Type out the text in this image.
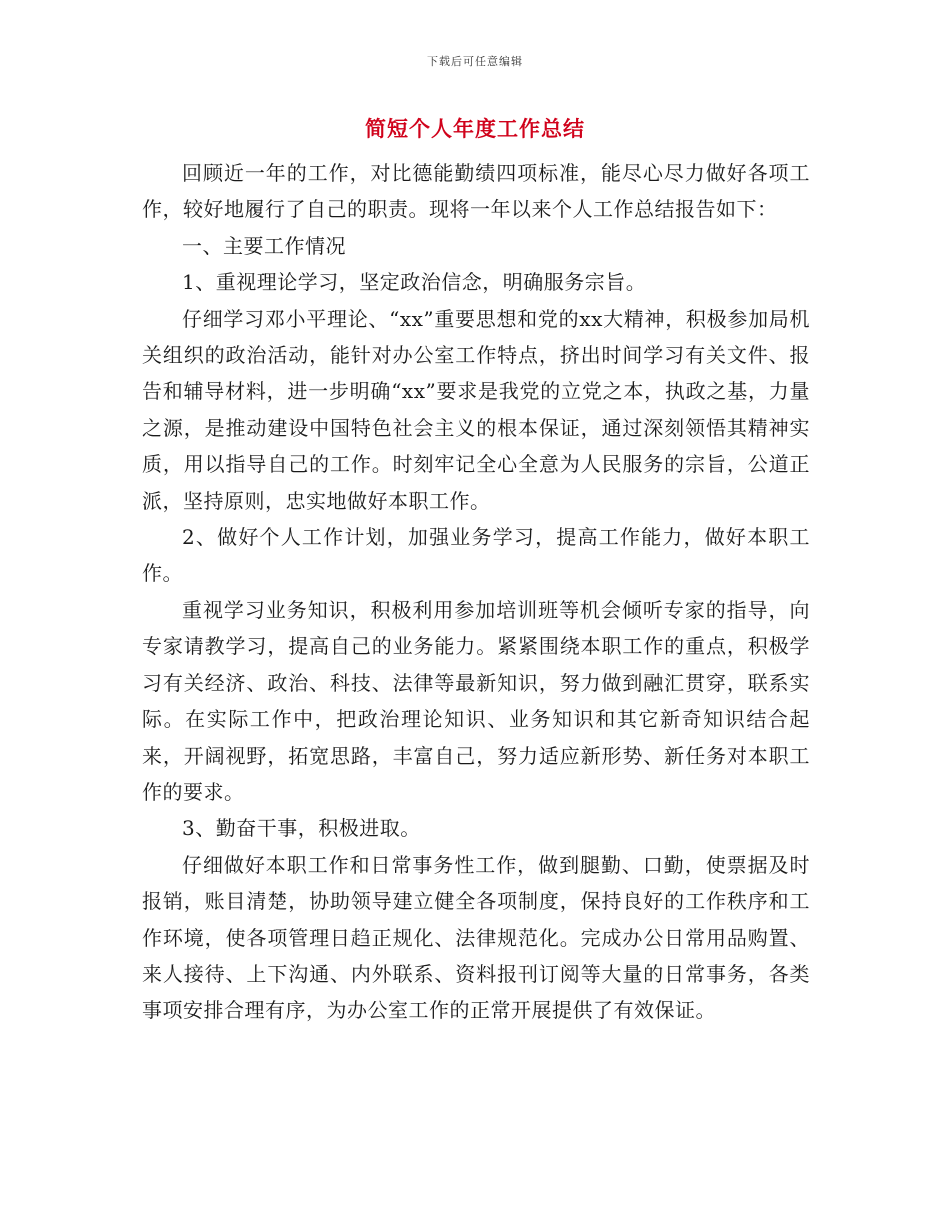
下载后可任意编辑
简短个人年度工作总结

回顾近一年的工作，对比德能勤绩四项标准，能尽心尽力做好各项工作，较好地履行了自己的职责。现将一年以来个人工作总结报告如下：

一、主要工作情况

1、重视理论学习，坚定政治信念，明确服务宗旨。

仔细学习邓小平理论、“xx”重要思想和党的xx大精神，积极参加局机关组织的政治活动，能针对办公室工作特点，挤出时间学习有关文件、报告和辅导材料，进一步明确“xx”要求是我党的立党之本，执政之基，力量之源，是推动建设中国特色社会主义的根本保证，通过深刻领悟其精神实质，用以指导自己的工作。时刻牢记全心全意为人民服务的宗旨，公道正派，坚持原则，忠实地做好本职工作。

2、做好个人工作计划，加强业务学习，提高工作能力，做好本职工作。

重视学习业务知识，积极利用参加培训班等机会倾听专家的指导，向专家请教学习，提高自己的业务能力。紧紧围绕本职工作的重点，积极学习有关经济、政治、科技、法律等最新知识，努力做到融汇贯穿，联系实际。在实际工作中，把政治理论知识、业务知识和其它新奇知识结合起来，开阔视野，拓宽思路，丰富自己，努力适应新形势、新任务对本职工作的要求。

3、勤奋干事，积极进取。

仔细做好本职工作和日常事务性工作，做到腿勤、口勤，使票据及时报销，账目清楚，协助领导建立健全各项制度，保持良好的工作秩序和工作环境，使各项管理日趋正规化、法律规范化。完成办公日常用品购置、来人接待、上下沟通、内外联系、资料报刊订阅等大量的日常事务，各类事项安排合理有序，为办公室工作的正常开展提供了有效保证。
